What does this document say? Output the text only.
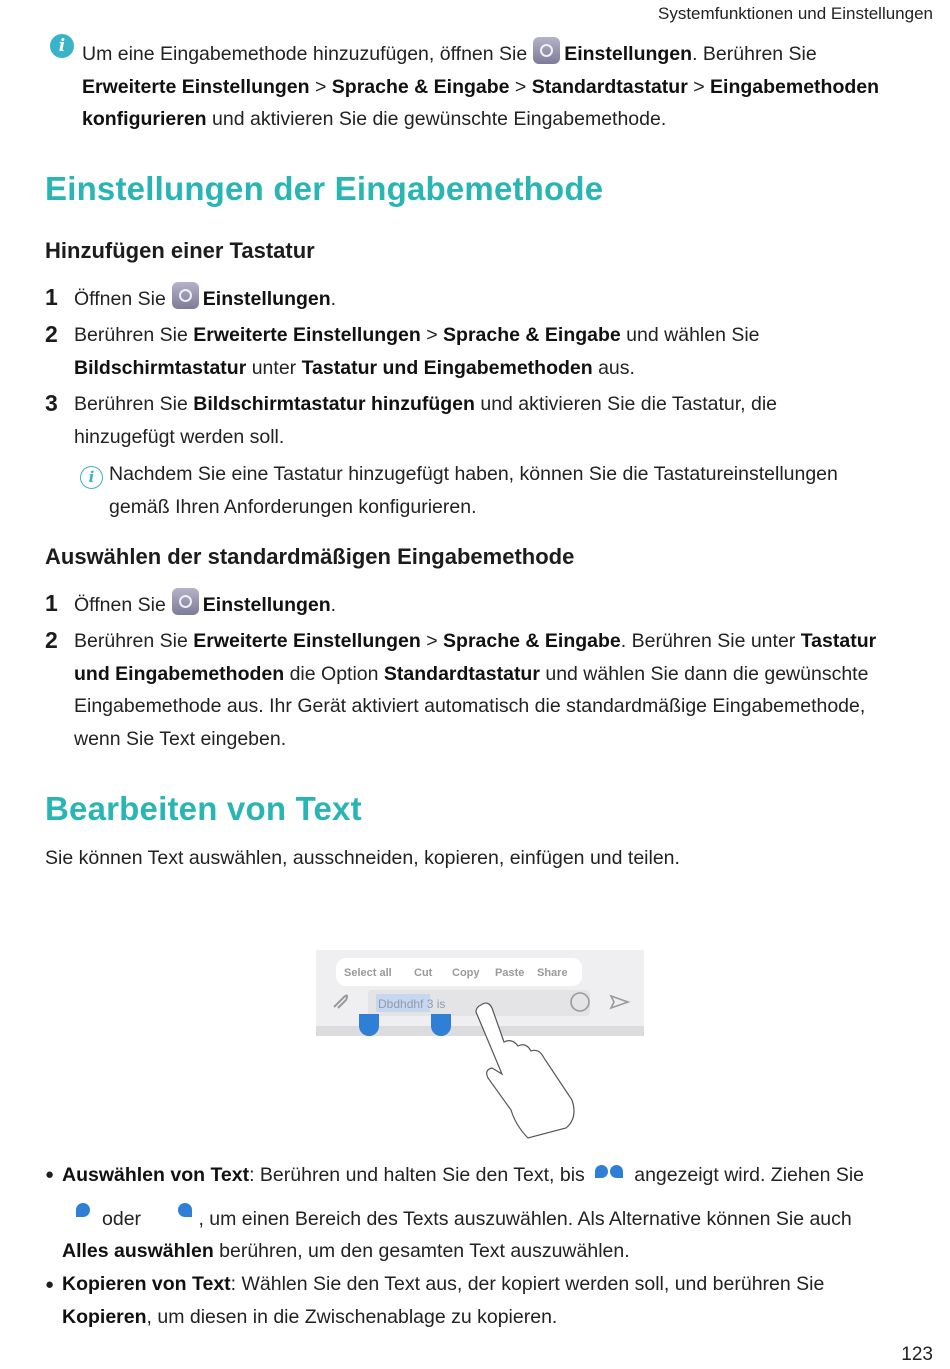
Systemfunktionen und Einstellungen
i Um eine Eingabemethode hinzuzufügen, öffnen Sie Einstellungen. Berühren Sie
Erweiterte Einstellungen > Sprache & Eingabe > Standardtastatur > Eingabemethoden
konfigurieren und aktivieren Sie die gewünschte Eingabemethode.
Einstellungen der Eingabemethode
Hinzufügen einer Tastatur
1 Öffnen Sie Einstellungen.
2 Berühren Sie Erweiterte Einstellungen > Sprache & Eingabe und wählen Sie
Bildschirmtastatur unter Tastatur und Eingabemethoden aus.
3 Berühren Sie Bildschirmtastatur hinzufügen und aktivieren Sie die Tastatur, die
hinzugefügt werden soll.
i Nachdem Sie eine Tastatur hinzugefügt haben, können Sie die Tastatureinstellungen
gemäß Ihren Anforderungen konfigurieren.
Auswählen der standardmäßigen Eingabemethode
1 Öffnen Sie Einstellungen.
2 Berühren Sie Erweiterte Einstellungen > Sprache & Eingabe. Berühren Sie unter Tastatur
und Eingabemethoden die Option Standardtastatur und wählen Sie dann die gewünschte
Eingabemethode aus. Ihr Gerät aktiviert automatisch die standardmäßige Eingabemethode,
wenn Sie Text eingeben.
Bearbeiten von Text
Sie können Text auswählen, ausschneiden, kopieren, einfügen und teilen.
Select all Cut Copy Paste Share
Dbdhdhf 3 is
● Auswählen von Text: Berühren und halten Sie den Text, bis	angezeigt wird. Ziehen Sie
oder	, um einen Bereich des Texts auszuwählen. Als Alternative können Sie auch
Alles auswählen berühren, um den gesamten Text auszuwählen.
● Kopieren von Text: Wählen Sie den Text aus, der kopiert werden soll, und berühren Sie
Kopieren, um diesen in die Zwischenablage zu kopieren.
123
